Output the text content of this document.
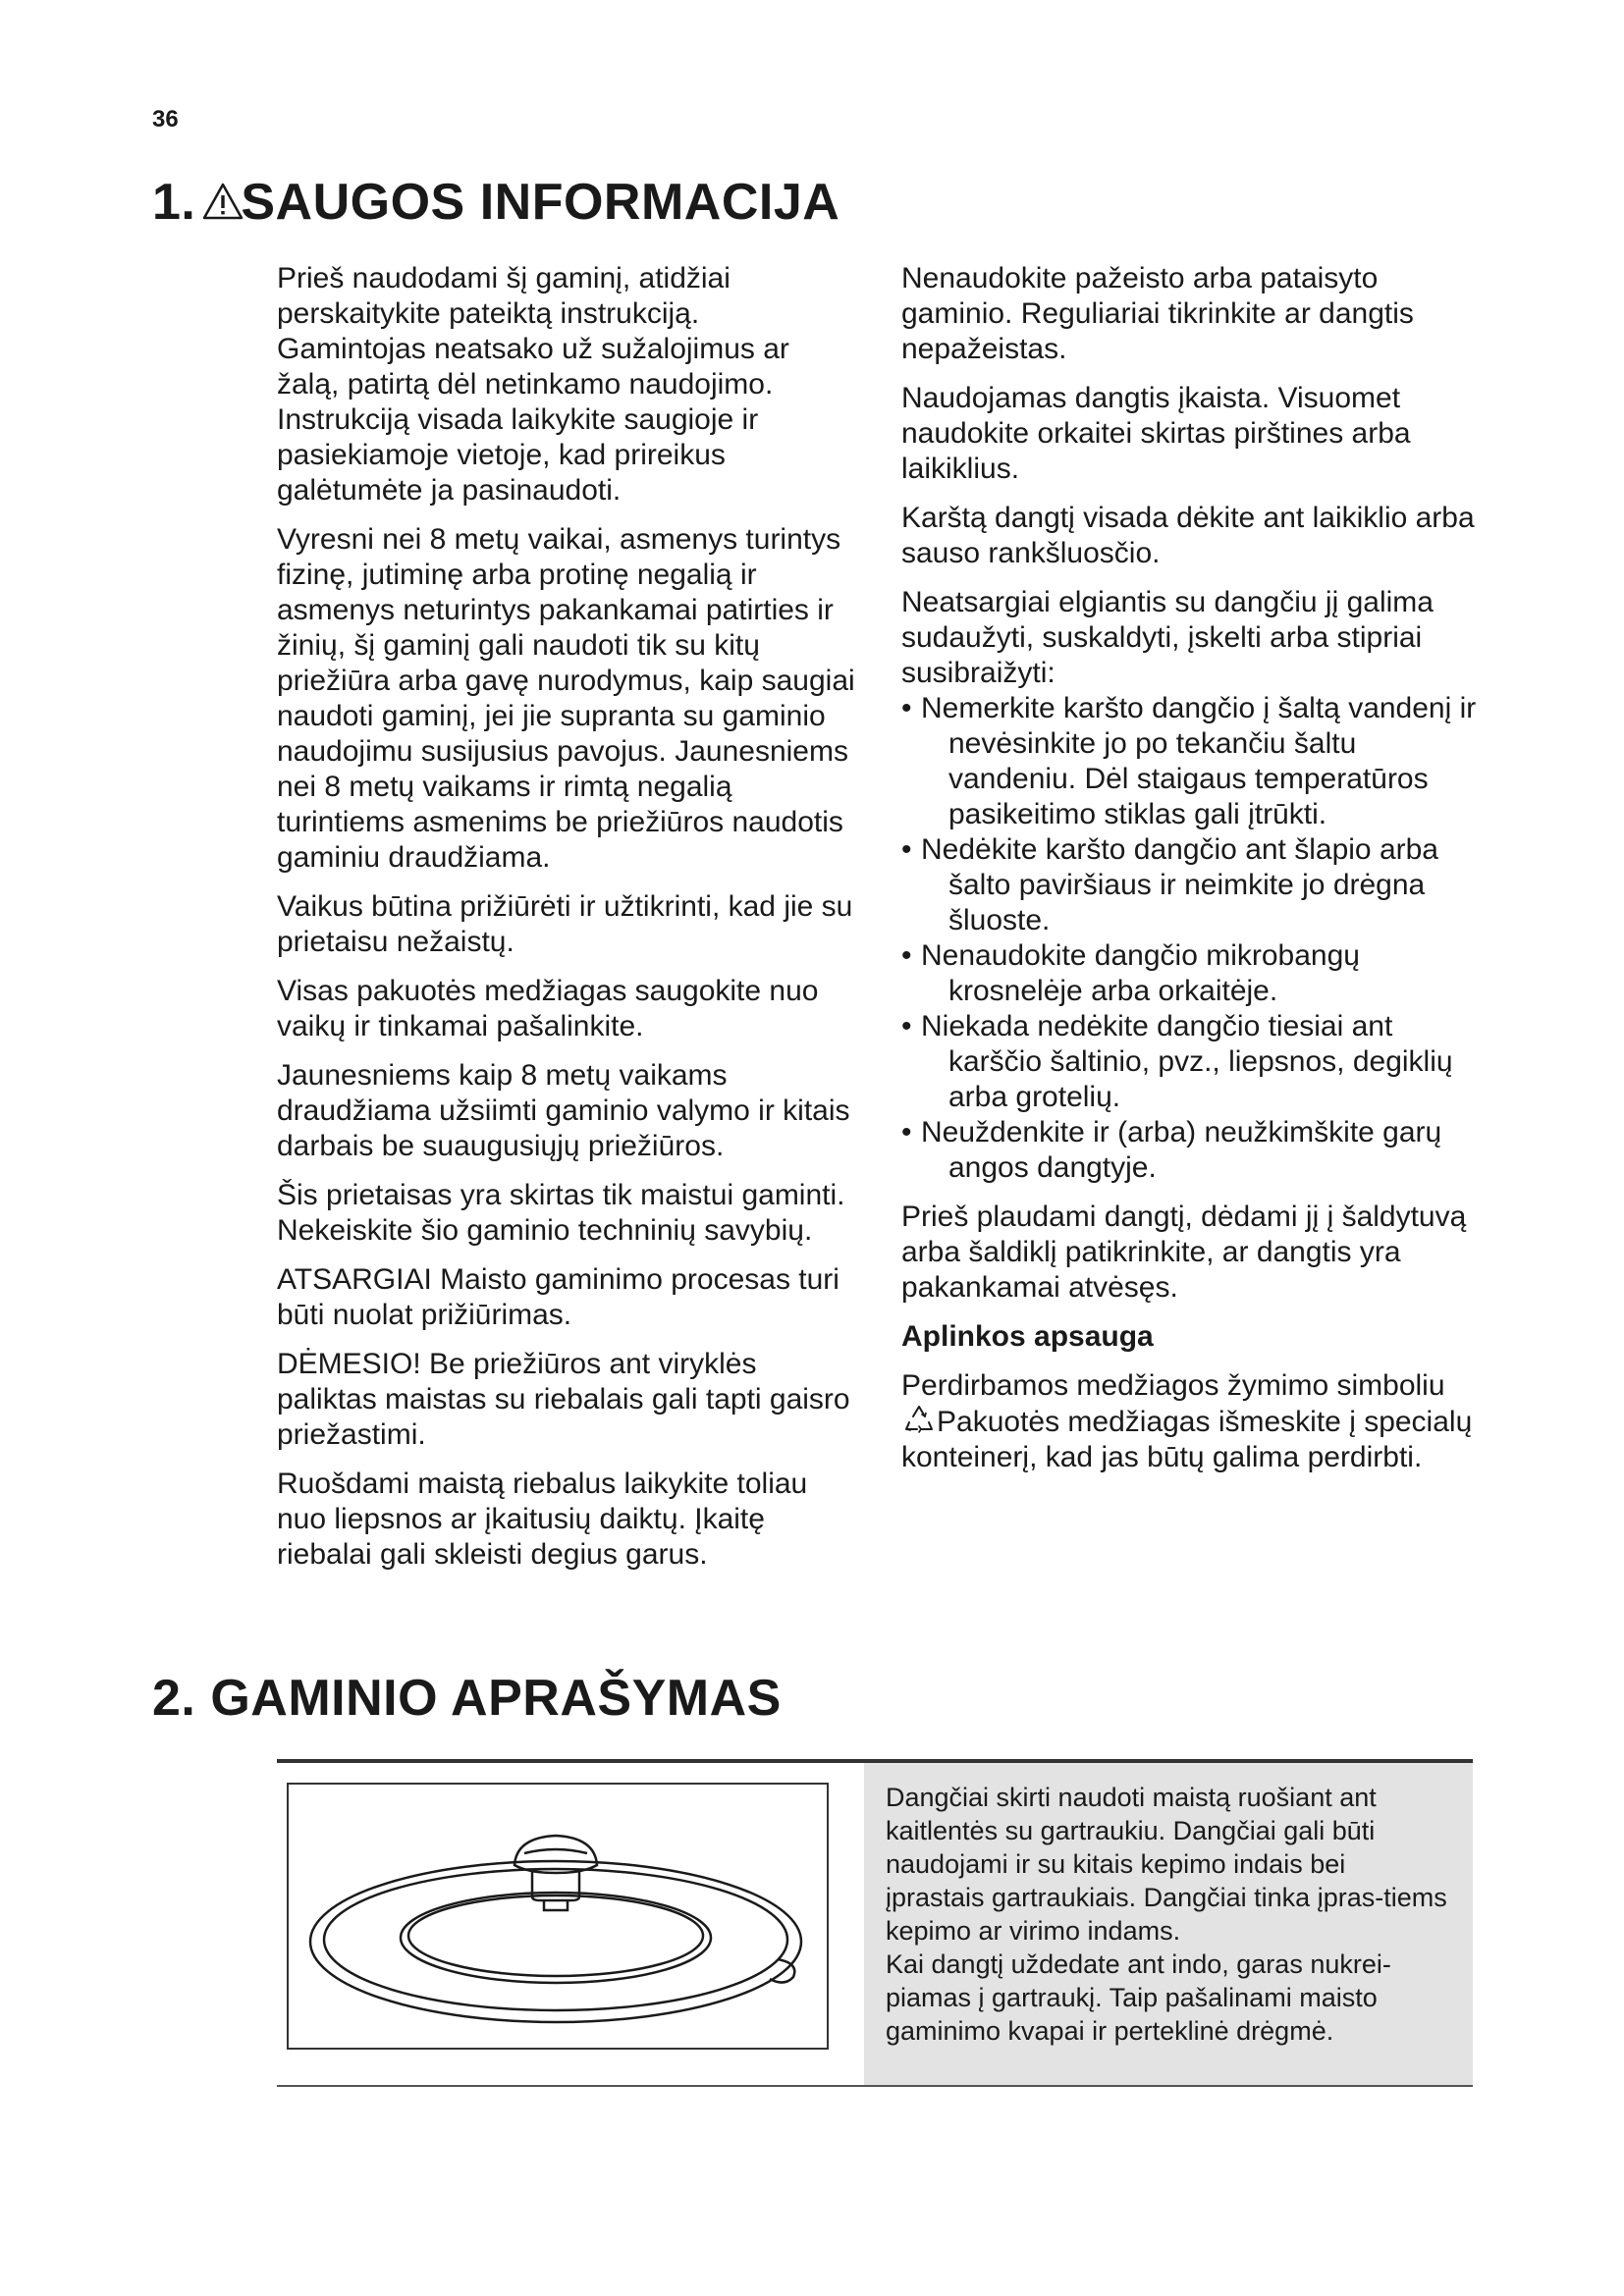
36
1. SAUGOS INFORMACIJA

Prieš naudodami šį gaminį, atidžiai perskaitykite pateiktą instrukciją. Gamintojas neatsako už sužalojimus ar žalą, patirtą dėl netinkamo naudojimo. Instrukciją visada laikykite saugioje ir pasiekiamoje vietoje, kad prireikus galėtumėte ja pasinaudoti.

Vyresni nei 8 metų vaikai, asmenys turintys fizinę, jutiminę arba protinę negalią ir asmenys neturintys pakankamai patirties ir žinių, šį gaminį gali naudoti tik su kitų priežiūra arba gavę nurodymus, kaip saugiai naudoti gaminį, jei jie supranta su gaminio naudojimu susijusius pavojus. Jaunesniems nei 8 metų vaikams ir rimtą negalią turintiems asmenims be priežiūros naudotis gaminiu draudžiama.

Vaikus būtina prižiūrėti ir užtikrinti, kad jie su prietaisu nežaistų.

Visas pakuotės medžiagas saugokite nuo vaikų ir tinkamai pašalinkite.

Jaunesniems kaip 8 metų vaikams draudžiama užsiimti gaminio valymo ir kitais darbais be suaugusiųjų priežiūros.

Šis prietaisas yra skirtas tik maistui gaminti. Nekeiskite šio gaminio techninių savybių.

ATSARGIAI Maisto gaminimo procesas turi būti nuolat prižiūrimas.

DĖMESIO! Be priežiūros ant viryklės paliktas maistas su riebalais gali tapti gaisro priežastimi.

Ruošdami maistą riebalus laikykite toliau nuo liepsnos ar įkaitusių daiktų. Įkaitę riebalai gali skleisti degius garus.

Nenaudokite pažeisto arba pataisyto gaminio. Reguliariai tikrinkite ar dangtis nepažeistas.

Naudojamas dangtis įkaista. Visuomet naudokite orkaitei skirtas pirštines arba laikiklius.

Karštą dangtį visada dėkite ant laikiklio arba sauso rankšluosčio.

Neatsargiai elgiantis su dangčiu jį galima sudaužyti, suskaldyti, įskelti arba stipriai susibraižyti:

• Nemerkite karšto dangčio į šaltą vandenį ir nevėsinkite jo po tekančiu šaltu vandeniu. Dėl staigaus temperatūros pasikeitimo stiklas gali įtrūkti.
• Nedėkite karšto dangčio ant šlapio arba šalto paviršiaus ir neimkite jo drėgna šluoste.
• Nenaudokite dangčio mikrobangų krosnelėje arba orkaitėje.
• Niekada nedėkite dangčio tiesiai ant karščio šaltinio, pvz., liepsnos, degiklių arba grotelių.
• Neuždenkite ir (arba) neužkimškite garų angos dangtyje.

Prieš plaudami dangtį, dėdami jį į šaldytuvą arba šaldiklį patikrinkite, ar dangtis yra pakankamai atvėsęs.

Aplinkos apsauga

Perdirbamos medžiagos žymimo simboliu Pakuotės medžiagas išmeskite į specialų konteinerį, kad jas būtų galima perdirbti.

2. GAMINIO APRAŠYMAS

Dangčiai skirti naudoti maistą ruošiant ant kaitlentės su gartraukiu. Dangčiai gali būti naudojami ir su kitais kepimo indais bei įprastais gartraukiais. Dangčiai tinka įpras-tiems kepimo ar virimo indams.

Kai dangtį uždedate ant indo, garas nukrei-piamas į gartraukį. Taip pašalinami maisto gaminimo kvapai ir perteklinė drėgmė.
